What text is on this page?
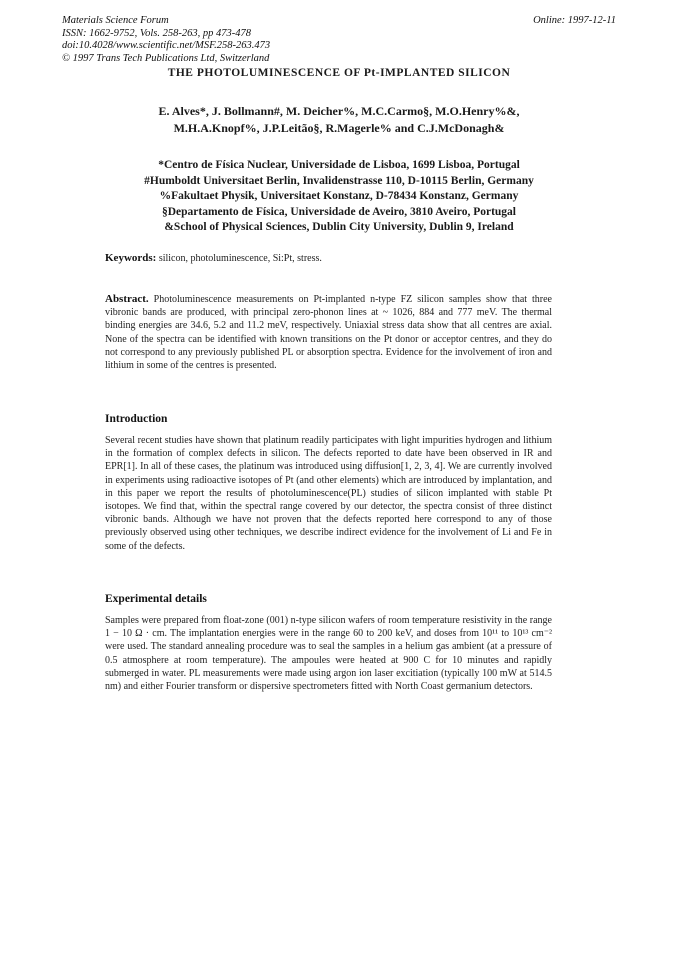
Materials Science Forum
ISSN: 1662-9752, Vols. 258-263, pp 473-478
doi:10.4028/www.scientific.net/MSF.258-263.473
© 1997 Trans Tech Publications Ltd, Switzerland
Online: 1997-12-11
THE PHOTOLUMINESCENCE OF Pt-IMPLANTED SILICON
E. Alves*, J. Bollmann#, M. Deicher%, M.C.Carmo§, M.O.Henry%&,
M.H.A.Knopf%, J.P.Leitão§, R.Magerle% and C.J.McDonagh&
*Centro de Física Nuclear, Universidade de Lisboa, 1699 Lisboa, Portugal
#Humboldt Universitaet Berlin, Invalidenstrasse 110, D-10115 Berlin, Germany
%Fakultaet Physik, Universitaet Konstanz, D-78434 Konstanz, Germany
§Departamento de Física, Universidade de Aveiro, 3810 Aveiro, Portugal
&School of Physical Sciences, Dublin City University, Dublin 9, Ireland
Keywords: silicon, photoluminescence, Si:Pt, stress.
Abstract. Photoluminescence measurements on Pt-implanted n-type FZ silicon samples show that three vibronic bands are produced, with principal zero-phonon lines at ~ 1026, 884 and 777 meV. The thermal binding energies are 34.6, 5.2 and 11.2 meV, respectively. Uniaxial stress data show that all centres are axial. None of the spectra can be identified with known transitions on the Pt donor or acceptor centres, and they do not correspond to any previously published PL or absorption spectra. Evidence for the involvement of iron and lithium in some of the centres is presented.
Introduction
Several recent studies have shown that platinum readily participates with light impurities hydrogen and lithium in the formation of complex defects in silicon. The defects reported to date have been observed in IR and EPR[1]. In all of these cases, the platinum was introduced using diffusion[1, 2, 3, 4]. We are currently involved in experiments using radioactive isotopes of Pt (and other elements) which are introduced by implantation, and in this paper we report the results of photoluminescence(PL) studies of silicon implanted with stable Pt isotopes. We find that, within the spectral range covered by our detector, the spectra consist of three distinct vibronic bands. Although we have not proven that the defects reported here correspond to any of those previously observed using other techniques, we describe indirect evidence for the involvement of Li and Fe in some of the defects.
Experimental details
Samples were prepared from float-zone (001) n-type silicon wafers of room temperature resistivity in the range 1 − 10 Ω · cm. The implantation energies were in the range 60 to 200 keV, and doses from 10¹¹ to 10¹³ cm⁻² were used. The standard annealing procedure was to seal the samples in a helium gas ambient (at a pressure of 0.5 atmosphere at room temperature). The ampoules were heated at 900 C for 10 minutes and rapidly submerged in water. PL measurements were made using argon ion laser excitiation (typically 100 mW at 514.5 nm) and either Fourier transform or dispersive spectrometers fitted with North Coast germanium detectors.
